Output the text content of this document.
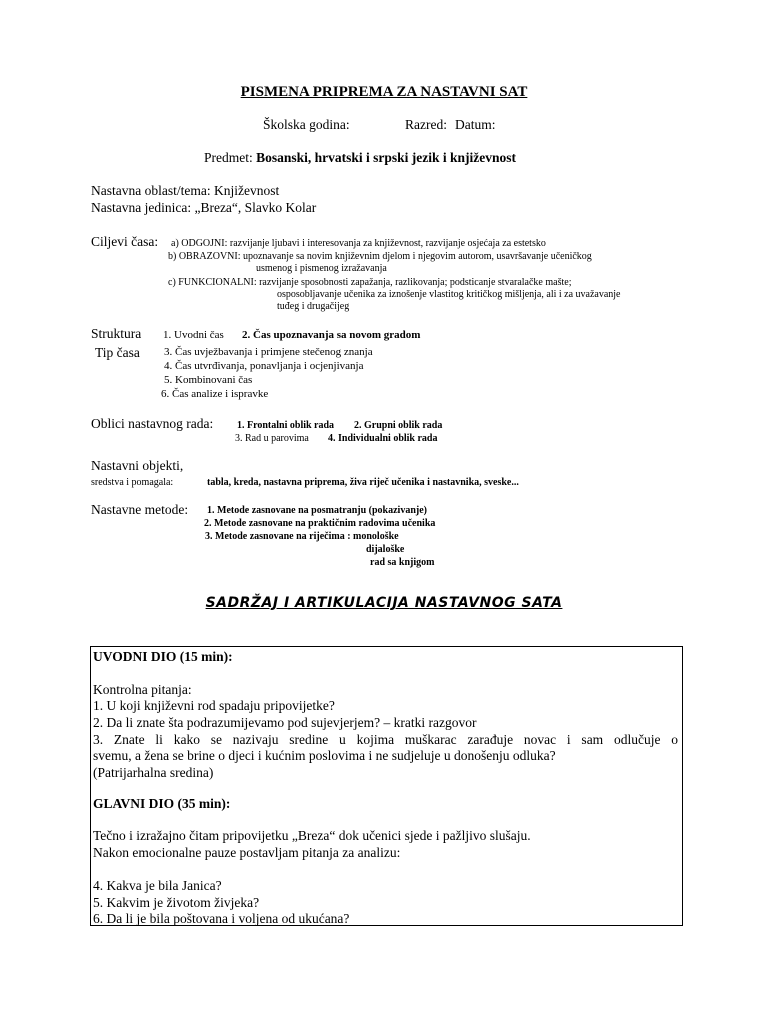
PISMENA PRIPREMA ZA NASTAVNI SAT
Školska godina:	Razred: Datum:
Predmet: Bosanski, hrvatski i srpski jezik i književnost
Nastavna oblast/tema: Književnost
Nastavna jedinica: „Breza“, Slavko Kolar
Ciljevi časa: a) ODGOJNI: razvijanje ljubavi i interesovanja za književnost, razvijanje osjećaja za estetsko
b) OBRAZOVNI: upoznavanje sa novim književnim djelom i njegovim autorom, usavršavanje učeničkog
usmenog i pismenog izražavanja
c) FUNKCIONALNI: razvijanje sposobnosti zapažanja, razlikovanja; podsticanje stvaralačke mašte;
osposobljavanje učenika za iznošenje vlastitog kritičkog mišljenja, ali i za uvažavanje
tuđeg i drugačijeg
Struktura
Tip časa
1. Uvodni čas 2. Čas upoznavanja sa novom gradom
3. Čas uvježbavanja i primjene stečenog znanja
4. Čas utvrđivanja, ponavljanja i ocjenjivanja
5. Kombinovani čas
6. Čas analize i ispravke
Oblici nastavnog rada: 1. Frontalni oblik rada 2. Grupni oblik rada
3. Rad u parovima 4. Individualni oblik rada
Nastavni objekti,
sredstva i pomagala:	tabla, kreda, nastavna priprema, živa riječ učenika i nastavnika, sveske...
Nastavne metode: 1. Metode zasnovane na posmatranju (pokazivanje)
2. Metode zasnovane na praktičnim radovima učenika
3. Metode zasnovane na riječima : monološke
dijaloške
rad sa knjigom
SADRŽAJ I ARTIKULACIJA NASTAVNOG SATA
UVODNI DIO (15 min):
Kontrolna pitanja:
1. U koji književni rod spadaju pripovijetke?
2. Da li znate šta podrazumijevamo pod sujevjerjem? – kratki razgovor
3. Znate li kako se nazivaju sredine u kojima muškarac zarađuje novac i sam odlučuje o
svemu, a žena se brine o djeci i kućnim poslovima i ne sudjeluje u donošenju odluka?
(Patrijarhalna sredina)
GLAVNI DIO (35 min):
Tečno i izražajno čitam pripovijetku „Breza“ dok učenici sjede i pažljivo slušaju.
Nakon emocionalne pauze postavljam pitanja za analizu:
4. Kakva je bila Janica?
5. Kakvim je životom živjeka?
6. Da li je bila poštovana i voljena od ukućana?
